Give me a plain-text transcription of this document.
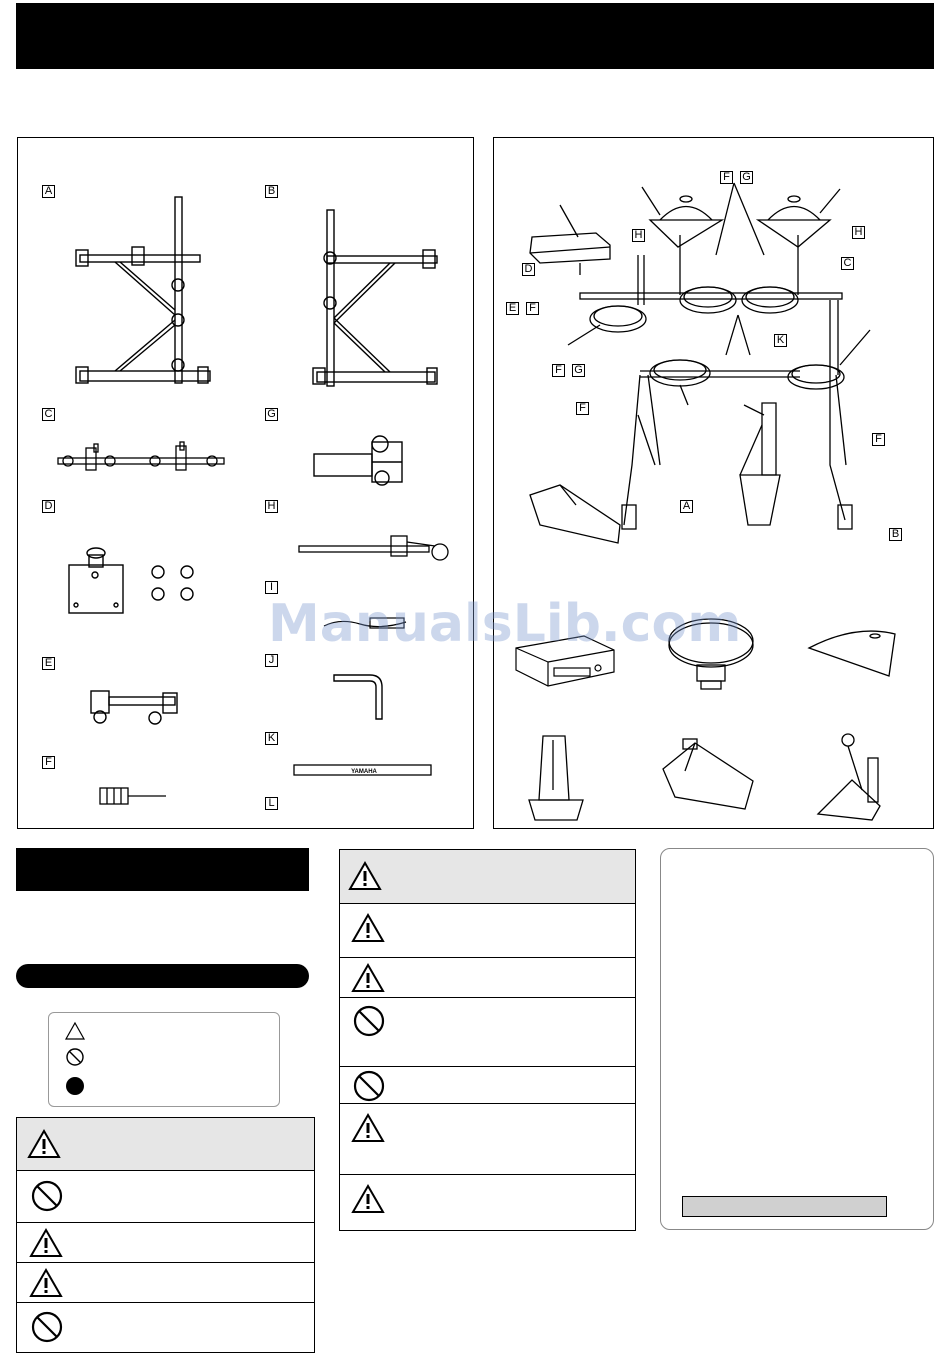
A	B
C	G
D	H
I
E	J
K
F
L
YAMAHA
F G
H	H
C
D
E F
K
F G
F
F
A
B
ManualsLib.com
